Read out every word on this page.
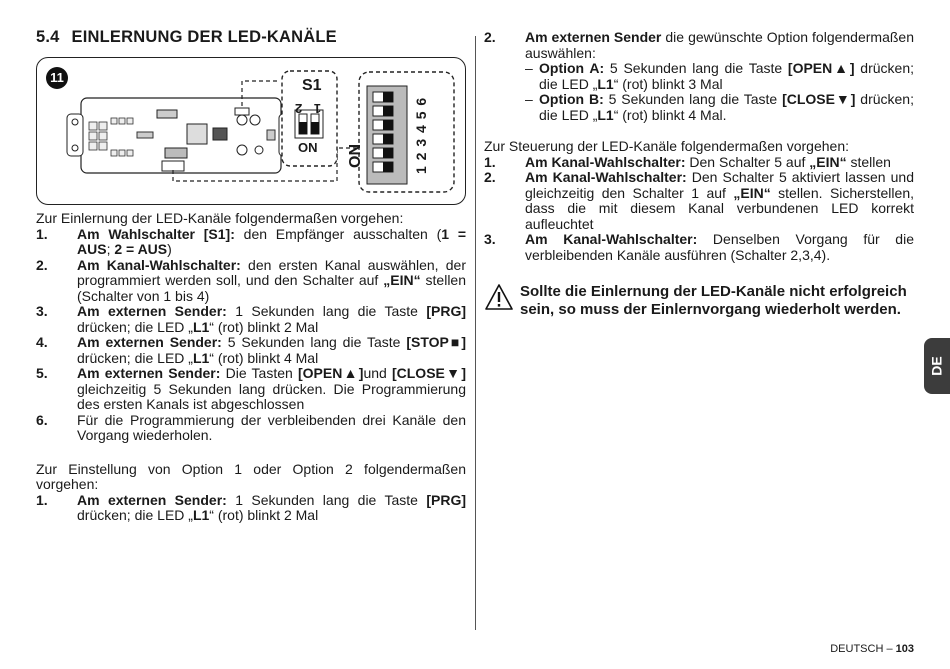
5.4 EINLERNUNG DER LED-KANÄLE
11	S1
1 2
ON ON	1 2 3 4 5 6

Zur Einlernung der LED-Kanäle folgendermaßen vorgehen:

1.	Am Wahlschalter [S1]: den Empfänger ausschalten (1 = AUS; 2 = AUS)
2.	Am Kanal-Wahlschalter: den ersten Kanal auswählen, der programmiert werden soll, und den Schalter auf „EIN“ stellen (Schalter von 1 bis 4)
3.	Am externen Sender: 1 Sekunden lang die Taste [PRG] drücken; die LED „L1“ (rot) blinkt 2 Mal
4.	Am externen Sender: 5 Sekunden lang die Taste [STOP■] drücken; die LED „L1“ (rot) blinkt 4 Mal
5.	Am externen Sender: Die Tasten [OPEN▲]und [CLOSE▼] gleichzeitig 5 Sekunden lang drücken. Die Programmierung des ersten Kanals ist abgeschlossen
6.	Für die Programmierung der verbleibenden drei Kanäle den Vorgang wiederholen.

Zur Einstellung von Option 1 oder Option 2 folgendermaßen vorgehen:

1.	Am externen Sender: 1 Sekunden lang die Taste [PRG] drücken; die LED „L1“ (rot) blinkt 2 Mal
2.	Am externen Sender die gewünschte Option folgendermaßen auswählen:
– Option A: 5 Sekunden lang die Taste [OPEN▲] drücken; die LED „L1“ (rot) blinkt 3 Mal
– Option B: 5 Sekunden lang die Taste [CLOSE▼] drücken; die LED „L1“ (rot) blinkt 4 Mal.

Zur Steuerung der LED-Kanäle folgendermaßen vorgehen:

1.	Am Kanal-Wahlschalter: Den Schalter 5 auf „EIN“ stellen
2.	Am Kanal-Wahlschalter: Den Schalter 5 aktiviert lassen und gleichzeitig den Schalter 1 auf „EIN“ stellen. Sicherstellen, dass die mit diesem Kanal verbundenen LED korrekt aufleuchtet
3.	Am Kanal-Wahlschalter: Denselben Vorgang für die verbleibenden Kanäle ausführen (Schalter 2,3,4).
Sollte die Einlernung der LED-Kanäle nicht erfolgreich sein, so muss der Einlernvorgang wiederholt werden.
DE
DEUTSCH – 103
